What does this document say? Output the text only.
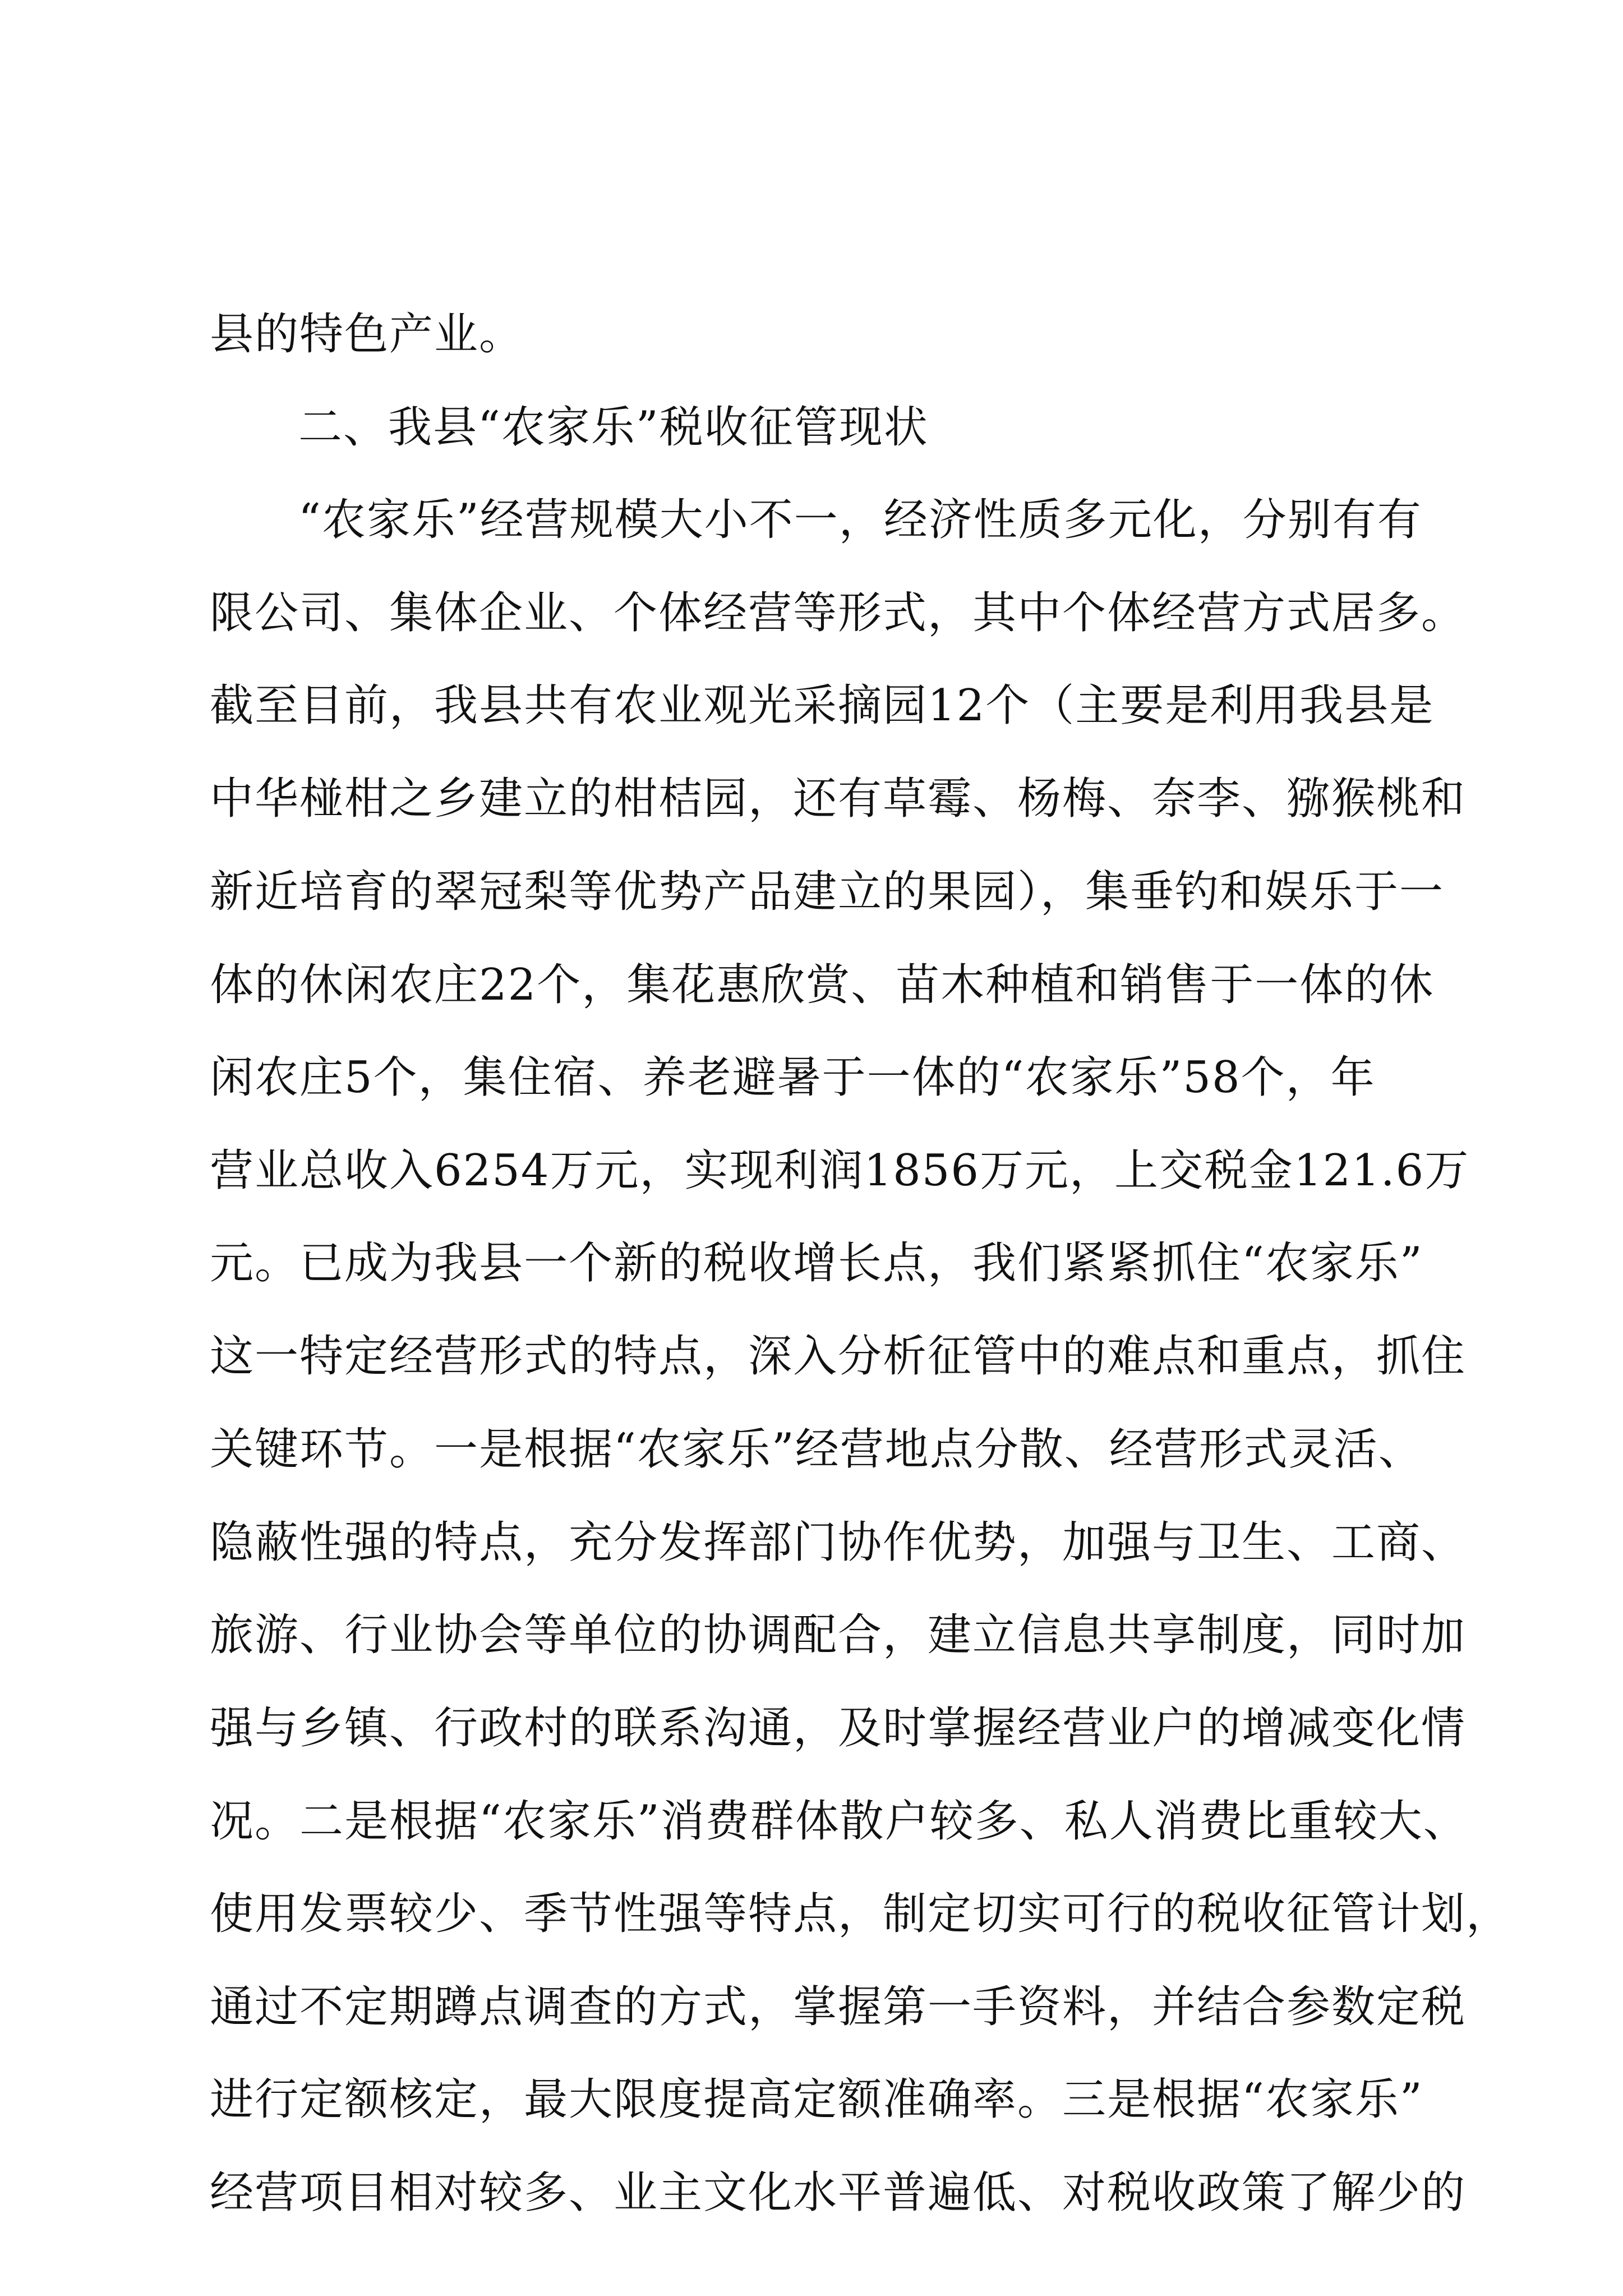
县的特色产业。
二、我县“农家乐”税收征管现状
“农家乐”经营规模大小不一，经济性质多元化，分别有有
限公司、集体企业、个体经营等形式，其中个体经营方式居多。
截至目前，我县共有农业观光采摘园12个（主要是利用我县是
中华椪柑之乡建立的柑桔园，还有草霉、杨梅、奈李、猕猴桃和
新近培育的翠冠梨等优势产品建立的果园），集垂钓和娱乐于一
体的休闲农庄22个，集花惠欣赏、苗木种植和销售于一体的休
闲农庄5个，集住宿、养老避暑于一体的“农家乐”58个，年
营业总收入6254万元，实现利润1856万元，上交税金121.6万
元。已成为我县一个新的税收增长点，我们紧紧抓住“农家乐”
这一特定经营形式的特点，深入分析征管中的难点和重点，抓住
关键环节。一是根据“农家乐”经营地点分散、经营形式灵活、
隐蔽性强的特点，充分发挥部门协作优势，加强与卫生、工商、
旅游、行业协会等单位的协调配合，建立信息共享制度，同时加
强与乡镇、行政村的联系沟通，及时掌握经营业户的增减变化情
况。二是根据“农家乐”消费群体散户较多、私人消费比重较大、
使用发票较少、季节性强等特点，制定切实可行的税收征管计划，
通过不定期蹲点调查的方式，掌握第一手资料，并结合参数定税
进行定额核定，最大限度提高定额准确率。三是根据“农家乐”
经营项目相对较多、业主文化水平普遍低、对税收政策了解少的
